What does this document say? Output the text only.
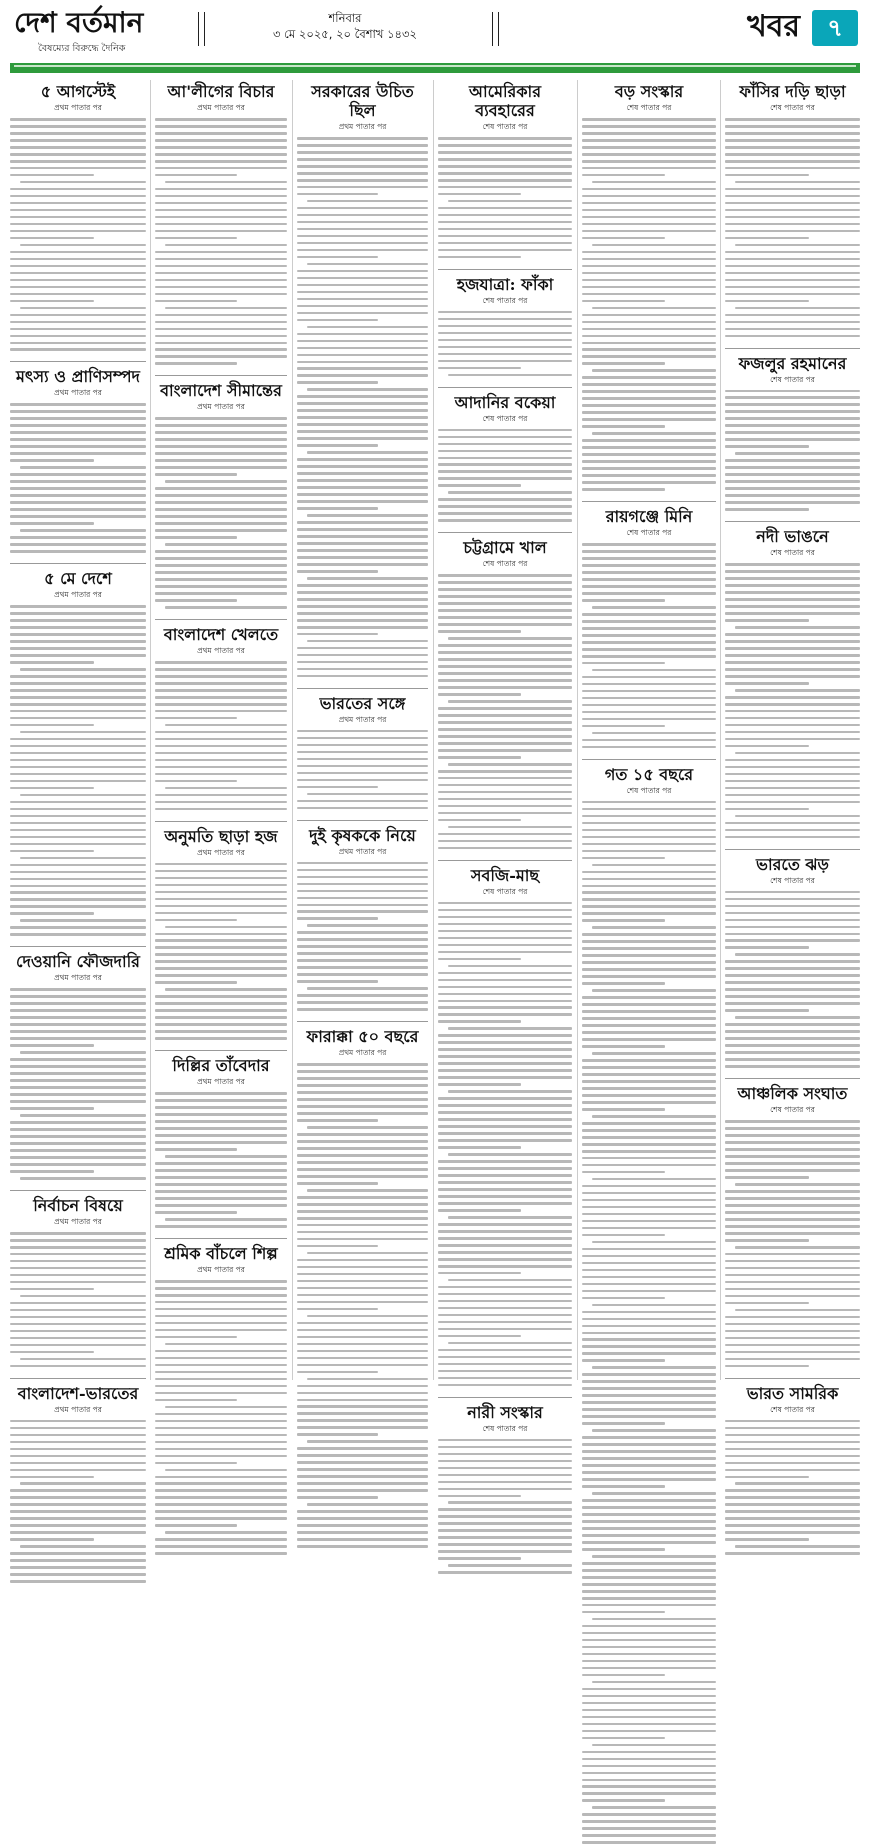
দেশ বর্তমান
বৈষম্যের বিরুদ্ধে দৈনিক
শনিবার
৩ মে ২০২৫, ২০ বৈশাখ ১৪৩২	খবর	৭
৫ আগস্টেই
প্রথম পাতার পর
মৎস্য ও প্রাণিসম্পদ
প্রথম পাতার পর
৫ মে দেশে
প্রথম পাতার পর
দেওয়ানি ফৌজদারি
প্রথম পাতার পর
নির্বাচন বিষয়ে
প্রথম পাতার পর
বাংলাদেশ-ভারতের
প্রথম পাতার পর
আ'লীগের বিচার
প্রথম পাতার পর
বাংলাদেশ সীমান্তের
প্রথম পাতার পর
বাংলাদেশ খেলতে
প্রথম পাতার পর
অনুমতি ছাড়া হজ
প্রথম পাতার পর
দিল্লির তাঁবেদার
প্রথম পাতার পর
শ্রমিক বাঁচলে শিল্প
প্রথম পাতার পর
সরকারের উচিত ছিল
প্রথম পাতার পর
ভারতের সঙ্গে
প্রথম পাতার পর
দুই কৃষককে নিয়ে
প্রথম পাতার পর
ফারাক্কা ৫০ বছরে
প্রথম পাতার পর
আমেরিকার ব্যবহারের
শেষ পাতার পর
হজযাত্রা: ফাঁকা
শেষ পাতার পর
আদানির বকেয়া
শেষ পাতার পর
চট্টগ্রামে খাল
শেষ পাতার পর
সবজি-মাছ
শেষ পাতার পর
নারী সংস্কার
শেষ পাতার পর
বড় সংস্কার
শেষ পাতার পর
রায়গঞ্জে মিনি
শেষ পাতার পর
গত ১৫ বছরে
শেষ পাতার পর
ফাঁসির দড়ি ছাড়া
শেষ পাতার পর
ফজলুর রহমানের
শেষ পাতার পর
নদী ভাঙনে
শেষ পাতার পর
ভারতে ঝড়
শেষ পাতার পর
আঞ্চলিক সংঘাত
শেষ পাতার পর
ভারত সামরিক
শেষ পাতার পর
